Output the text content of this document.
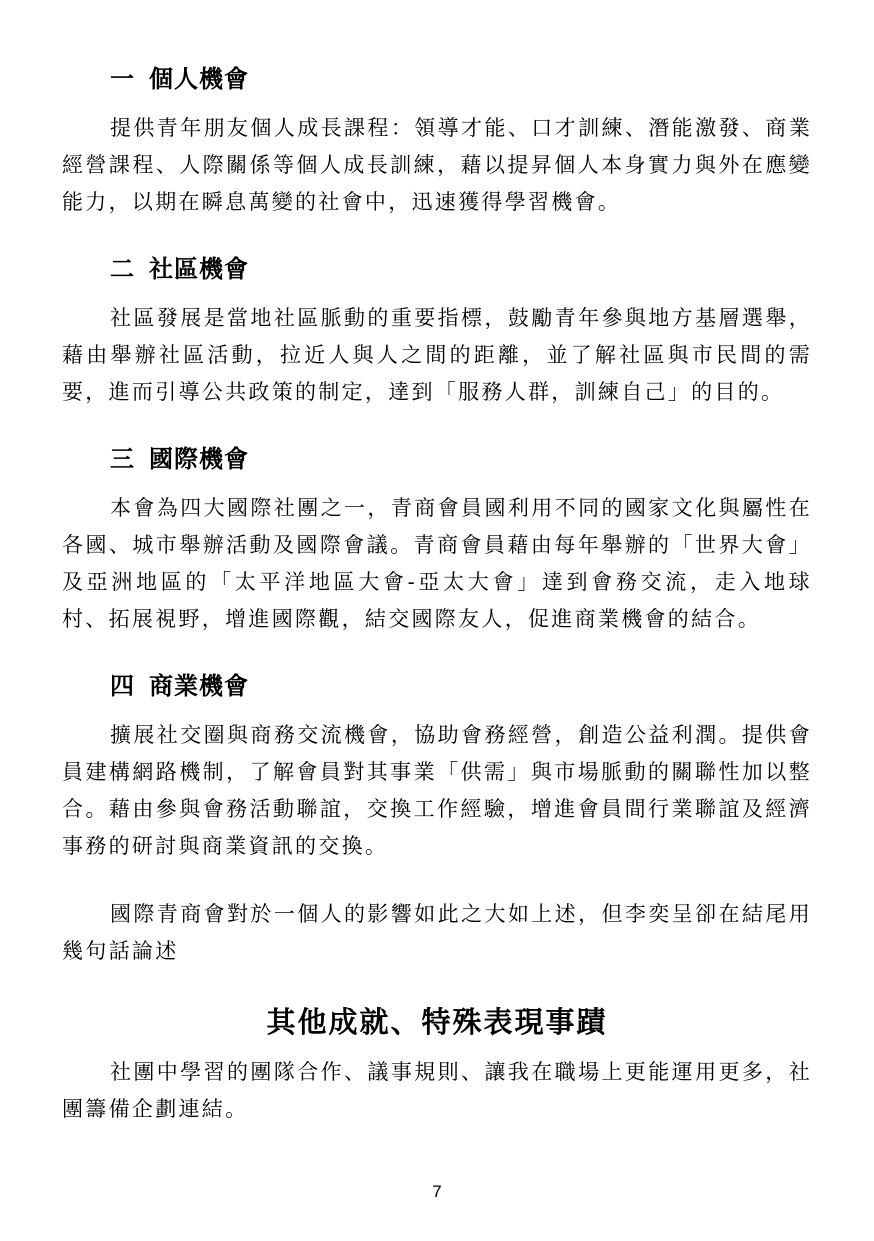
一 個人機會

提供青年朋友個人成長課程：領導才能、口才訓練、潛能激發、商業經營課程、人際關係等個人成長訓練，藉以提昇個人本身實力與外在應變能力，以期在瞬息萬變的社會中，迅速獲得學習機會。

二 社區機會

社區發展是當地社區脈動的重要指標，鼓勵青年參與地方基層選舉，藉由舉辦社區活動，拉近人與人之間的距離，並了解社區與市民間的需要，進而引導公共政策的制定，達到「服務人群，訓練自己」的目的。

三 國際機會

本會為四大國際社團之一，青商會員國利用不同的國家文化與屬性在各國、城市舉辦活動及國際會議。青商會員藉由每年舉辦的「世界大會」及亞洲地區的「太平洋地區大會-亞太大會」達到會務交流，走入地球村、拓展視野，增進國際觀，結交國際友人，促進商業機會的結合。

四 商業機會

擴展社交圈與商務交流機會，協助會務經營，創造公益利潤。提供會員建構網路機制，了解會員對其事業「供需」與市場脈動的關聯性加以整合。藉由參與會務活動聯誼，交換工作經驗，增進會員間行業聯誼及經濟事務的研討與商業資訊的交換。

國際青商會對於一個人的影響如此之大如上述，但李奕呈卻在結尾用幾句話論述

其他成就、特殊表現事蹟

社團中學習的團隊合作、議事規則、讓我在職場上更能運用更多，社團籌備企劃連結。

7
